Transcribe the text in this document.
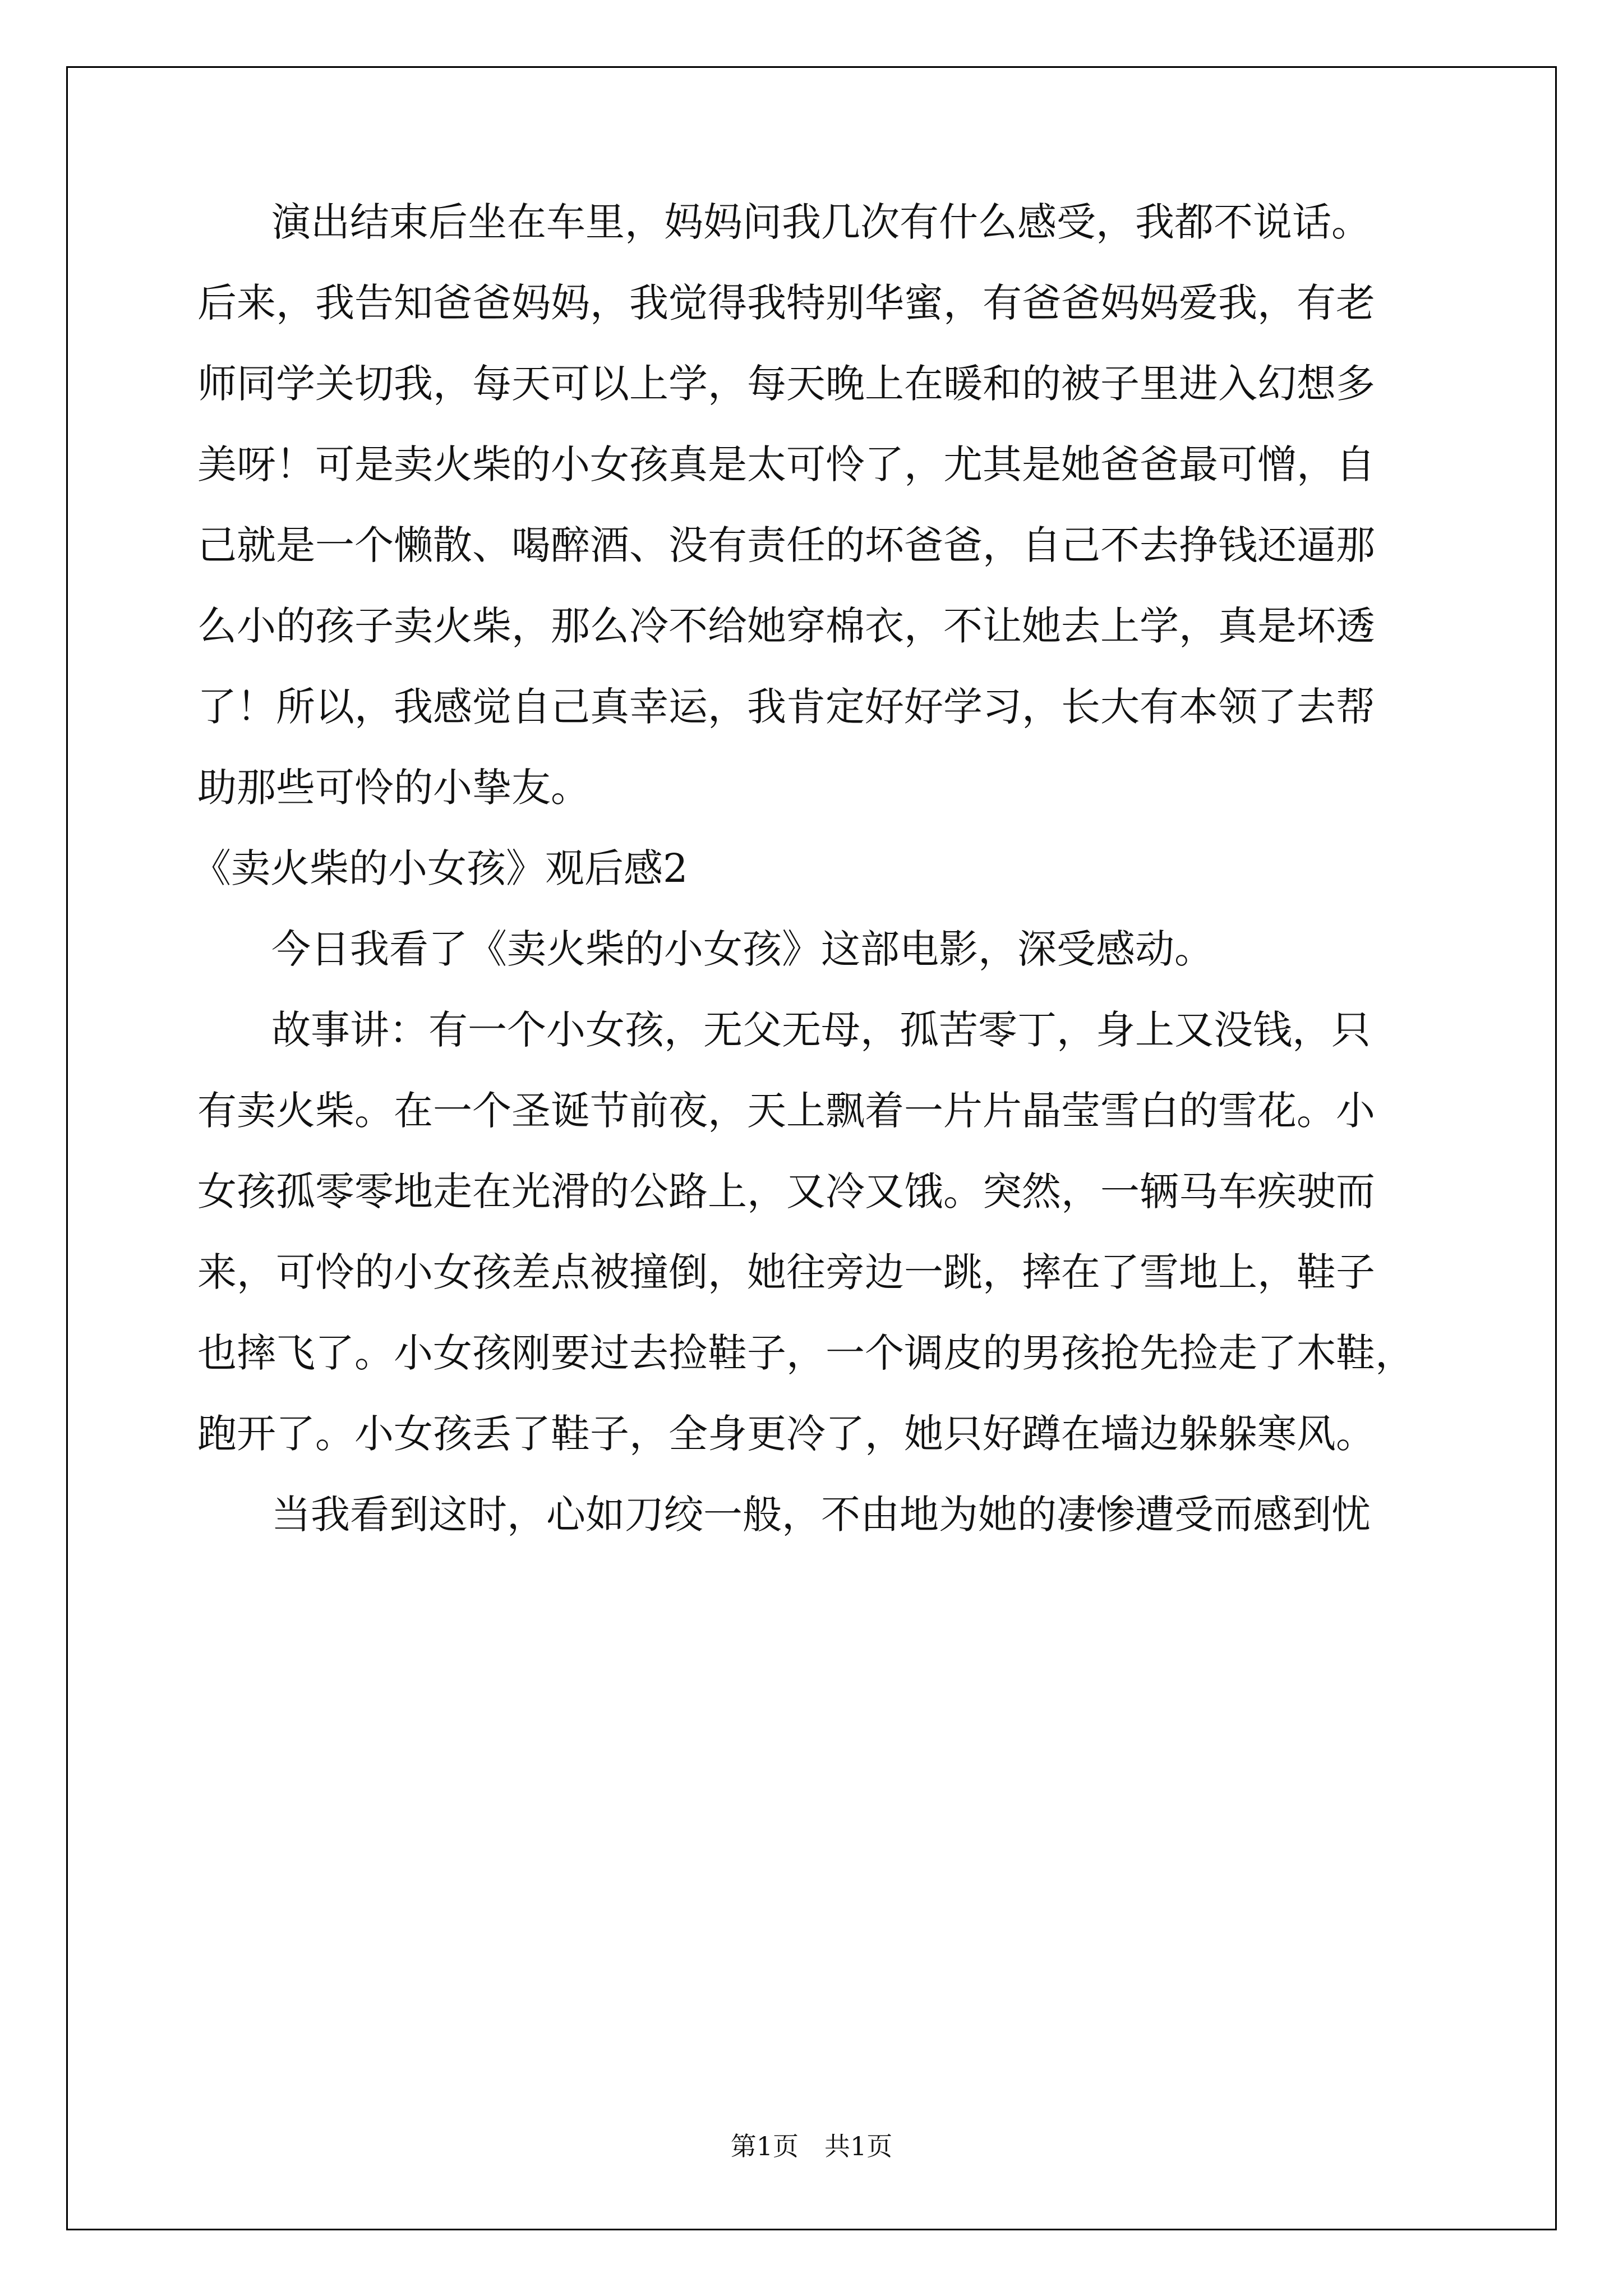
演出结束后坐在车里，妈妈问我几次有什么感受，我都不说话。
后来，我告知爸爸妈妈，我觉得我特别华蜜，有爸爸妈妈爱我，有老
师同学关切我，每天可以上学，每天晚上在暖和的被子里进入幻想多
美呀！可是卖火柴的小女孩真是太可怜了，尤其是她爸爸最可憎，自
己就是一个懒散、喝醉酒、没有责任的坏爸爸，自己不去挣钱还逼那
么小的孩子卖火柴，那么冷不给她穿棉衣，不让她去上学，真是坏透
了！所以，我感觉自己真幸运，我肯定好好学习，长大有本领了去帮
助那些可怜的小挚友。
《卖火柴的小女孩》观后感2
今日我看了《卖火柴的小女孩》这部电影，深受感动。
故事讲：有一个小女孩，无父无母，孤苦零丁，身上又没钱，只
有卖火柴。在一个圣诞节前夜，天上飘着一片片晶莹雪白的雪花。小
女孩孤零零地走在光滑的公路上，又冷又饿。突然，一辆马车疾驶而
来，可怜的小女孩差点被撞倒，她往旁边一跳，摔在了雪地上，鞋子
也摔飞了。小女孩刚要过去捡鞋子，一个调皮的男孩抢先捡走了木鞋，
跑开了。小女孩丢了鞋子，全身更冷了，她只好蹲在墙边躲躲寒风。
当我看到这时，心如刀绞一般，不由地为她的凄惨遭受而感到忧
第1页　共1页
